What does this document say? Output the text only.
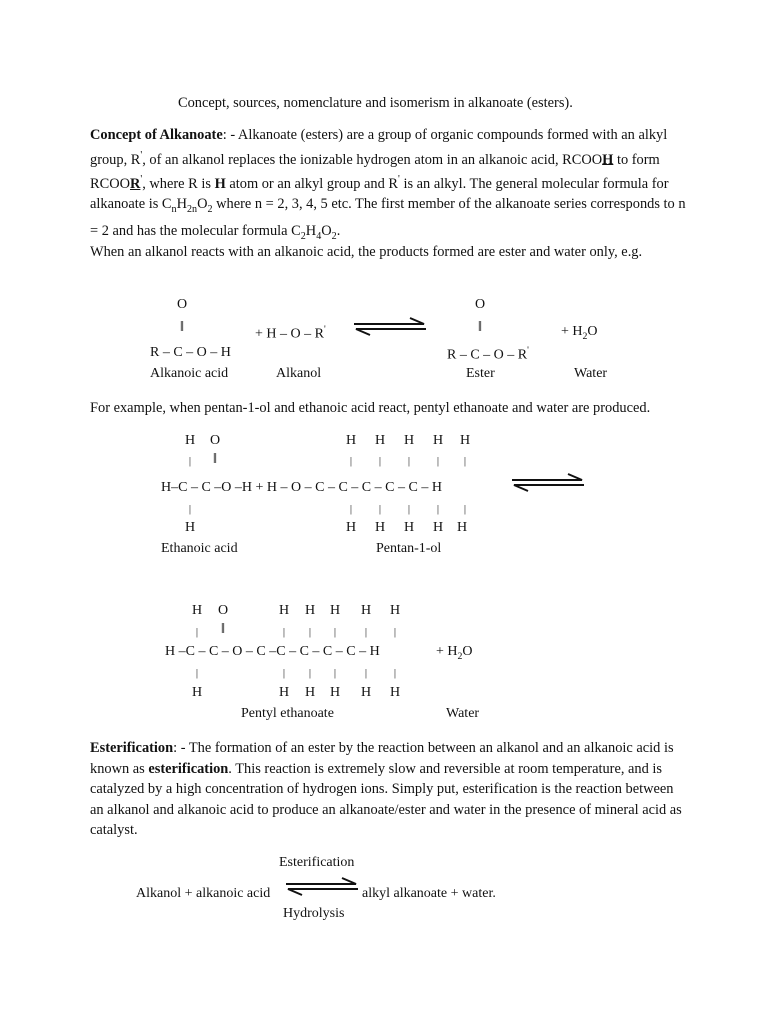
Concept, sources, nomenclature and isomerism in alkanoate (esters).
Concept of Alkanoate: - Alkanoate (esters) are a group of organic compounds formed with an alkyl group, R', of an alkanol replaces the ionizable hydrogen atom in an alkanoic acid, RCOOH to form RCOOR', where R is H atom or an alkyl group and R' is an alkyl. The general molecular formula for alkanoate is $C_nH_{2n}O_2$ where n = 2, 3, 4, 5 etc. The first member of the alkanoate series corresponds to n = 2 and has the molecular formula $C_2H_4O_2$.
When an alkanol reacts with an alkanoic acid, the products formed are ester and water only, e.g.
O
‖
R – C – O – H
+ H – O – R'
O
‖
R – C – O – R'
+ $H_2O$
Alkanoic acid	Alkanol	Ester	Water
For example, when pentan-1-ol and ethanoic acid react, pentyl ethanoate and water are produced.
H O	H H H H H
| ‖	| | | | |
H–C – C –O –H + H – O – C – C – C – C – C – H
|	| | | | |
H	H H H H H
Ethanoic acid	Pentan-1-ol
H O	H H H H H
| ‖	| | |	| |
H –C – C – O – C –C – C – C – C – H	+ $H_2O$
|	| | |	| |
H	H H H H H
Pentyl ethanoate	Water
Esterification: - The formation of an ester by the reaction between an alkanol and an alkanoic acid is known as esterification. This reaction is extremely slow and reversible at room temperature, and is catalyzed by a high concentration of hydrogen ions. Simply put, esterification is the reaction between an alkanol and alkanoic acid to produce an alkanoate/ester and water in the presence of mineral acid as catalyst.
Esterification
Alkanol + alkanoic acid	alkyl alkanoate + water.
Hydrolysis
